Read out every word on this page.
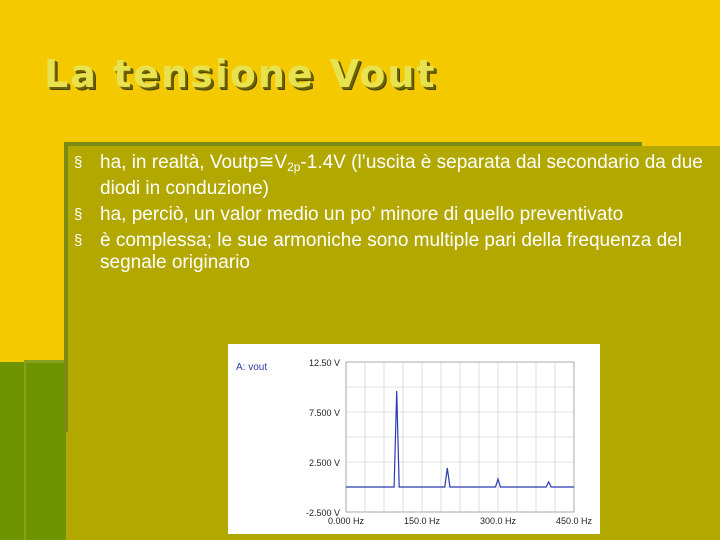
La tensione Vout
§ ha, in realtà, $Voutp≅V_{2p}-1.4V$ (l’uscita è separata dal secondario da due diodi in conduzione)
§ ha, perciò, un valor medio un po’ minore di quello preventivato
§ è complessa; le sue armoniche sono multiple pari della frequenza del segnale originario
A: vout	12.50 V
7.500 V
2.500 V
-2.500 V
0.000 Hz	150.0 Hz	300.0 Hz	450.0 Hz
